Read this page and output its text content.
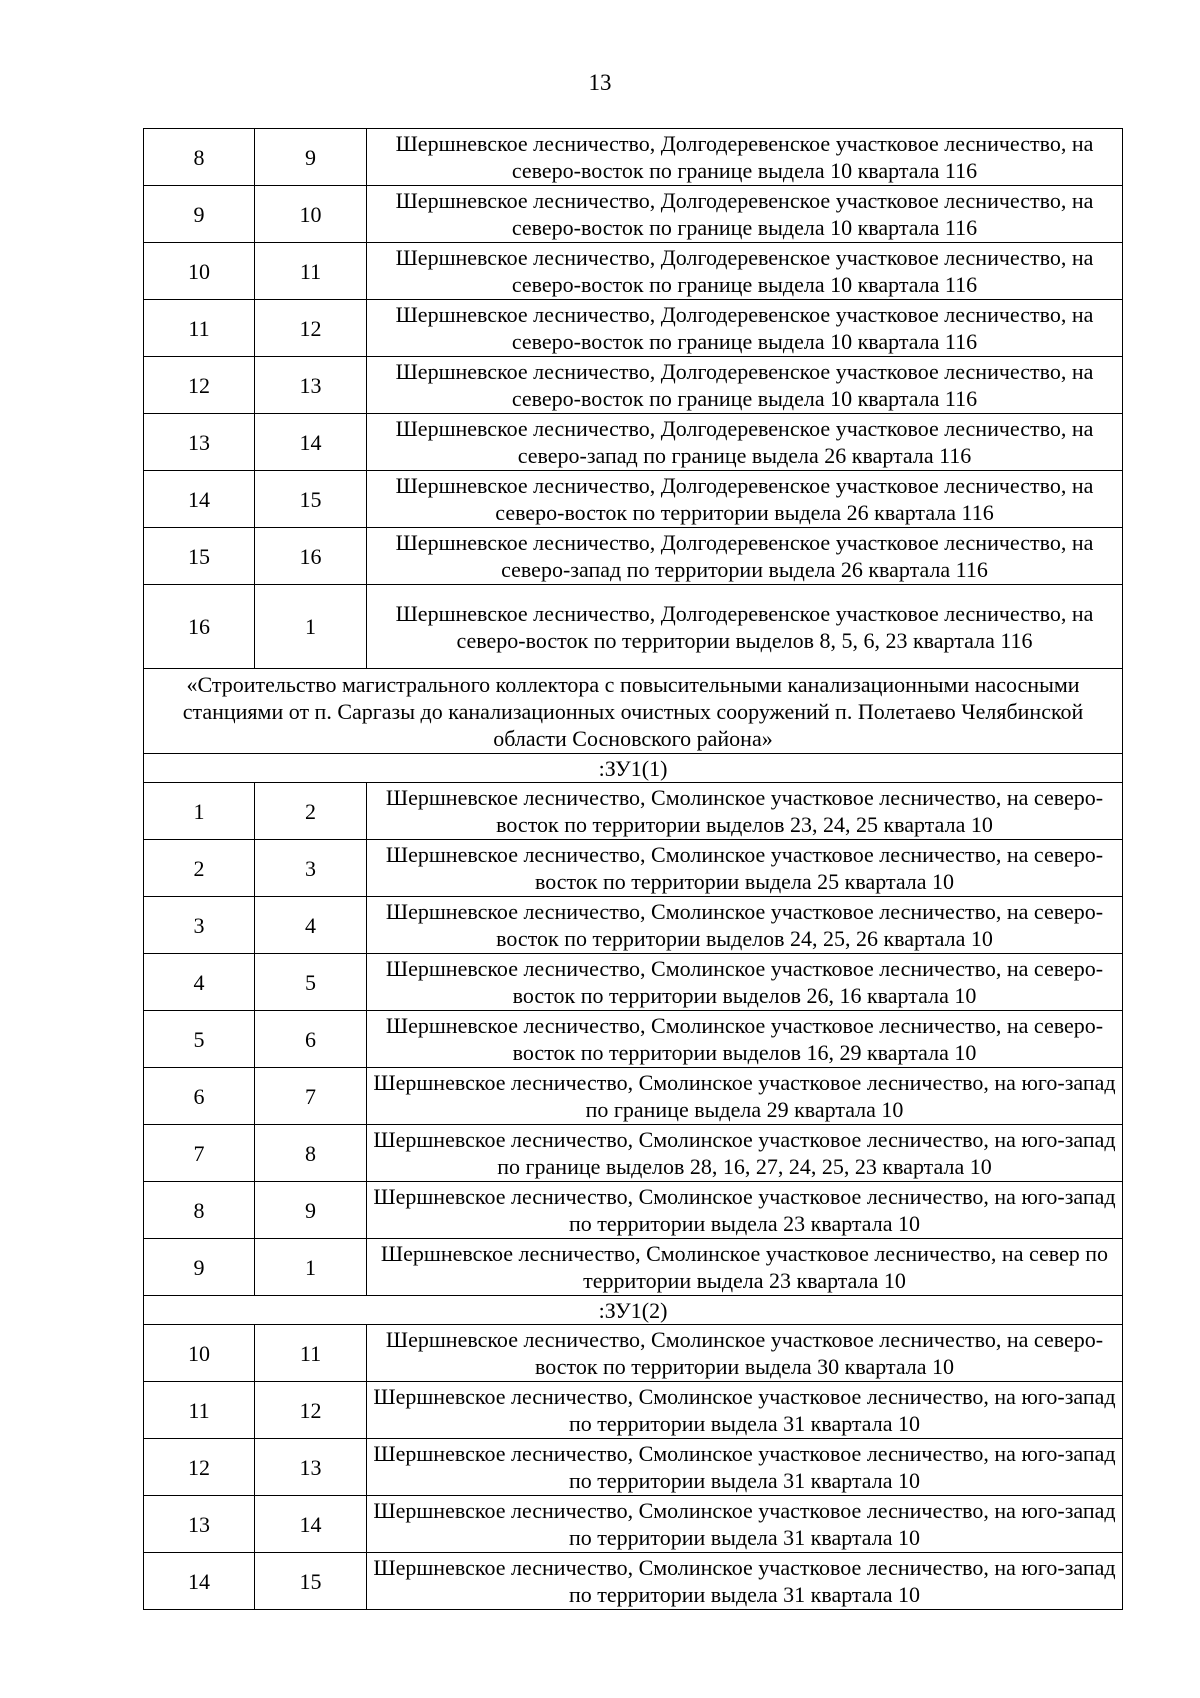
13
8	9	Шершневское лесничество, Долгодеревенское участковое лесничество, на северо-восток по границе выдела 10 квартала 116
9	10	Шершневское лесничество, Долгодеревенское участковое лесничество, на северо-восток по границе выдела 10 квартала 116
10	11	Шершневское лесничество, Долгодеревенское участковое лесничество, на северо-восток по границе выдела 10 квартала 116
11	12	Шершневское лесничество, Долгодеревенское участковое лесничество, на северо-восток по границе выдела 10 квартала 116
12	13	Шершневское лесничество, Долгодеревенское участковое лесничество, на северо-восток по границе выдела 10 квартала 116
13	14	Шершневское лесничество, Долгодеревенское участковое лесничество, на северо-запад по границе выдела 26 квартала 116
14	15	Шершневское лесничество, Долгодеревенское участковое лесничество, на северо-восток по территории выдела 26 квартала 116
15	16	Шершневское лесничество, Долгодеревенское участковое лесничество, на северо-запад по территории выдела 26 квартала 116
16	1	Шершневское лесничество, Долгодеревенское участковое лесничество, на северо-восток по территории выделов 8, 5, 6, 23 квартала 116
«Строительство магистрального коллектора с повысительными канализационными насосными станциями от п. Саргазы до канализационных очистных сооружений п. Полетаево Челябинской области Сосновского района»		
:ЗУ1(1)		
1	2	Шершневское лесничество, Смолинское участковое лесничество, на северо-восток по территории выделов 23, 24, 25 квартала 10
2	3	Шершневское лесничество, Смолинское участковое лесничество, на северо-восток по территории выдела 25 квартала 10
3	4	Шершневское лесничество, Смолинское участковое лесничество, на северо-восток по территории выделов 24, 25, 26 квартала 10
4	5	Шершневское лесничество, Смолинское участковое лесничество, на северо-восток по территории выделов 26, 16 квартала 10
5	6	Шершневское лесничество, Смолинское участковое лесничество, на северо-восток по территории выделов 16, 29 квартала 10
6	7	Шершневское лесничество, Смолинское участковое лесничество, на юго-запад по границе выдела 29 квартала 10
7	8	Шершневское лесничество, Смолинское участковое лесничество, на юго-запад по границе выделов 28, 16, 27, 24, 25, 23 квартала 10
8	9	Шершневское лесничество, Смолинское участковое лесничество, на юго-запад по территории выдела 23 квартала 10
9	1	Шершневское лесничество, Смолинское участковое лесничество, на север по территории выдела 23 квартала 10
:ЗУ1(2)		
10	11	Шершневское лесничество, Смолинское участковое лесничество, на северо-восток по территории выдела 30 квартала 10
11	12	Шершневское лесничество, Смолинское участковое лесничество, на юго-запад по территории выдела 31 квартала 10
12	13	Шершневское лесничество, Смолинское участковое лесничество, на юго-запад по территории выдела 31 квартала 10
13	14	Шершневское лесничество, Смолинское участковое лесничество, на юго-запад по территории выдела 31 квартала 10
14	15	Шершневское лесничество, Смолинское участковое лесничество, на юго-запад по территории выдела 31 квартала 10
